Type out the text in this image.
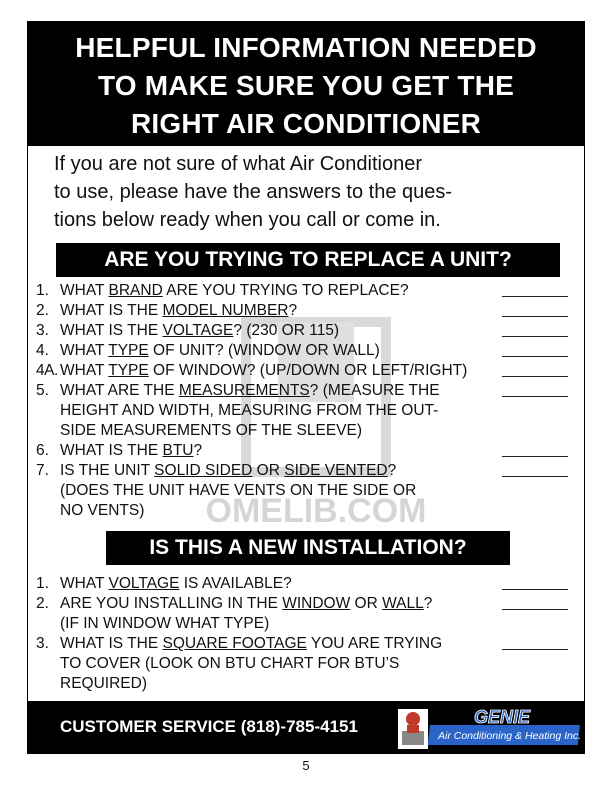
HELPFUL INFORMATION NEEDED
TO MAKE SURE YOU GET THE
RIGHT AIR CONDITIONER
If you are not sure of what Air Conditioner
to use, please have the answers to the ques-
tions below ready when you call or come in.
OMELIB.COM
ARE YOU TRYING TO REPLACE A UNIT?
1. WHAT BRAND ARE YOU TRYING TO REPLACE?
2. WHAT IS THE MODEL NUMBER?
3. WHAT IS THE VOLTAGE? (230 OR 115)
4. WHAT TYPE OF UNIT? (WINDOW OR WALL)
4A. WHAT TYPE OF WINDOW? (UP/DOWN OR LEFT/RIGHT)
5. WHAT ARE THE MEASUREMENTS? (MEASURE THE
HEIGHT AND WIDTH, MEASURING FROM THE OUT-
SIDE MEASUREMENTS OF THE SLEEVE)
6. WHAT IS THE BTU?
7. IS THE UNIT SOLID SIDED OR SIDE VENTED?
(DOES THE UNIT HAVE VENTS ON THE SIDE OR
NO VENTS)
IS THIS A NEW INSTALLATION?
1. WHAT VOLTAGE IS AVAILABLE?
2. ARE YOU INSTALLING IN THE WINDOW OR WALL?
(IF IN WINDOW WHAT TYPE)
3. WHAT IS THE SQUARE FOOTAGE YOU ARE TRYING
TO COVER (LOOK ON BTU CHART FOR BTU’S
REQUIRED)
CUSTOMER SERVICE (818)-785-4151	GENIE
Air Conditioning & Heating Inc.
5
